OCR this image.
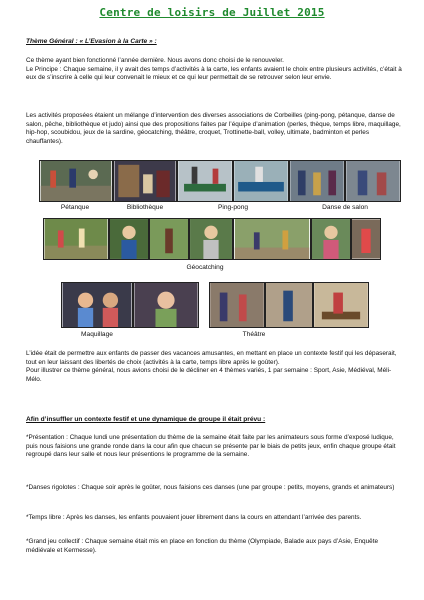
Centre de loisirs de Juillet 2015
Thème Général : « L’Evasion à la Carte » :
Ce thème ayant bien fonctionné l’année dernière. Nous avons donc choisi de le renouveler.
Le Principe : Chaque semaine, il y avait des temps d’activités à la carte, les enfants avaient le choix entre plusieurs activités, c’était à eux de s’inscrire à celle qui leur convenait le mieux et ce qui leur permettait de se retrouver selon leur envie.
Les activités proposées étaient un mélange d’intervention des diverses associations de Corbeilles (ping-pong, pétanque, danse de salon, pêche, bibliothèque et judo) ainsi que des propositions faites par l’équipe d’animation (perles, thèque, temps libre, maquillage, hip-hop, scoubidou, jeux de la sardine, géocatching, théâtre, croquet, Trottinette-ball, volley, ultimate, badminton et perles chauffantes).
Pétanque	Bibliothèque	Ping-pong	Danse de salon
Géocatching
Maquillage	Théâtre
L’idée était de permettre aux enfants de passer des vacances amusantes, en mettant en place un contexte festif qui les dépaserait, tout en leur laissant des libertés de choix (activités à la carte, temps libre après le goûter).
Pour illustrer ce thème général, nous avions choisi de le décliner en 4 thèmes variés, 1 par semaine : Sport, Asie, Médiéval, Méli-Mélo.
Afin d’insuffler un contexte festif et une dynamique de groupe il était prévu :
*Présentation : Chaque lundi une présentation du thème de la semaine était faite par les animateurs sous forme d’exposé ludique, puis nous faisions une grande ronde dans la cour afin que chacun se présente par le biais de petits jeux, enfin chaque groupe était regroupé dans leur salle et nous leur présentions le programme de la semaine.
*Danses rigolotes : Chaque soir après le goûter, nous faisions ces danses (une par groupe : petits, moyens, grands et animateurs)
*Temps libre : Après les danses, les enfants pouvaient jouer librement dans la cours en attendant l’arrivée des parents.
*Grand jeu collectif : Chaque semaine était mis en place en fonction du thème (Olympiade, Balade aux pays d’Asie, Enquête médiévale et Kermesse).
